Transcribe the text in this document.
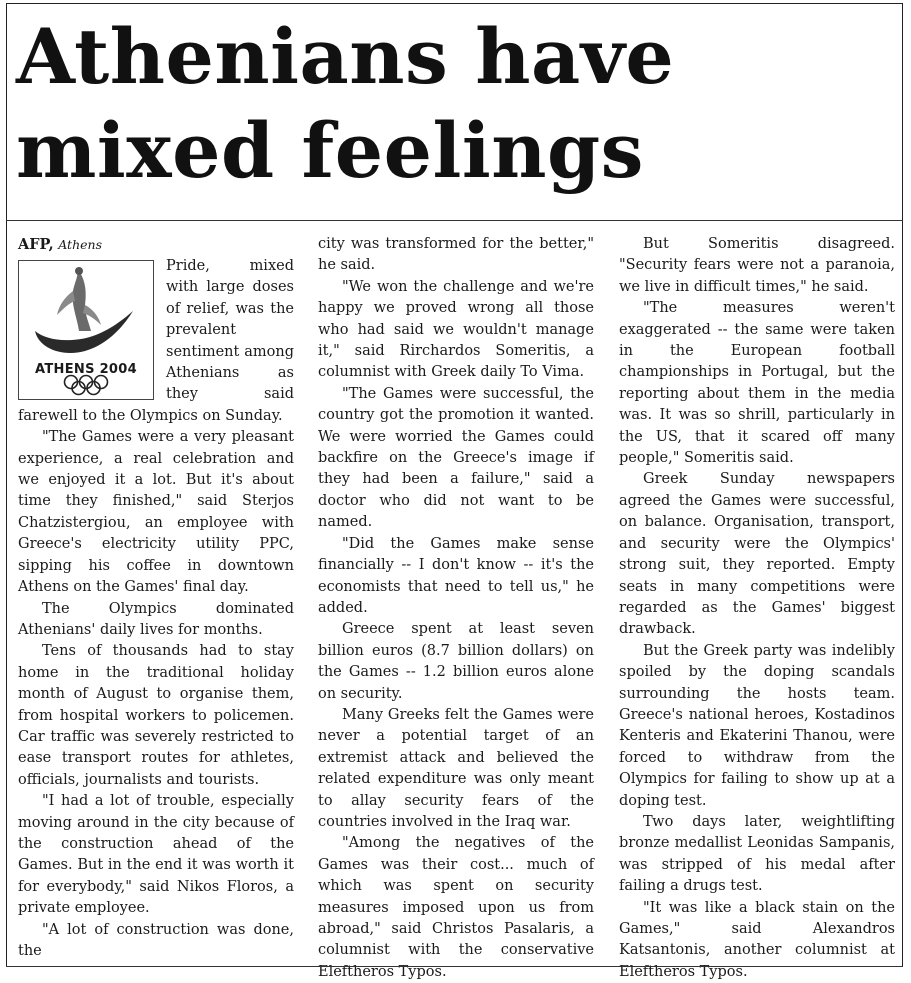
Athenians have
mixed feelings

AFP, Athens

ATHENS 2004

Pride, mixed with large doses of relief, was the prevalent sentiment among Athenians as they said farewell to the Olympics on Sunday.

"The Games were a very pleasant experience, a real celebration and we enjoyed it a lot. But it's about time they finished," said Sterjos Chatzistergiou, an employee with Greece's electricity utility PPC, sipping his coffee in downtown Athens on the Games' final day.

The Olympics dominated Athenians' daily lives for months.

Tens of thousands had to stay home in the traditional holiday month of August to organise them, from hospital workers to policemen. Car traffic was severely restricted to ease transport routes for athletes, officials, journalists and tourists.

"I had a lot of trouble, especially moving around in the city because of the construction ahead of the Games. But in the end it was worth it for everybody," said Nikos Floros, a private employee.

"A lot of construction was done, the

city was transformed for the better," he said.

"We won the challenge and we're happy we proved wrong all those who had said we wouldn't manage it," said Rirchardos Someritis, a columnist with Greek daily To Vima.

"The Games were successful, the country got the promotion it wanted. We were worried the Games could backfire on the Greece's image if they had been a failure," said a doctor who did not want to be named.

"Did the Games make sense financially -- I don't know -- it's the economists that need to tell us," he added.

Greece spent at least seven billion euros (8.7 billion dollars) on the Games -- 1.2 billion euros alone on security.

Many Greeks felt the Games were never a potential target of an extremist attack and believed the related expenditure was only meant to allay security fears of the countries involved in the Iraq war.

"Among the negatives of the Games was their cost... much of which was spent on security measures imposed upon us from abroad," said Christos Pasalaris, a columnist with the conservative Eleftheros Typos.

But Someritis disagreed. "Security fears were not a paranoia, we live in difficult times," he said.

"The measures weren't exaggerated -- the same were taken in the European football championships in Portugal, but the reporting about them in the media was. It was so shrill, particularly in the US, that it scared off many people," Someritis said.

Greek Sunday newspapers agreed the Games were successful, on balance. Organisation, transport, and security were the Olympics' strong suit, they reported. Empty seats in many competitions were regarded as the Games' biggest drawback.

But the Greek party was indelibly spoiled by the doping scandals surrounding the hosts team. Greece's national heroes, Kostadinos Kenteris and Ekaterini Thanou, were forced to withdraw from the Olympics for failing to show up at a doping test.

Two days later, weightlifting bronze medallist Leonidas Sampanis, was stripped of his medal after failing a drugs test.

"It was like a black stain on the Games," said Alexandros Katsantonis, another columnist at Eleftheros Typos.
